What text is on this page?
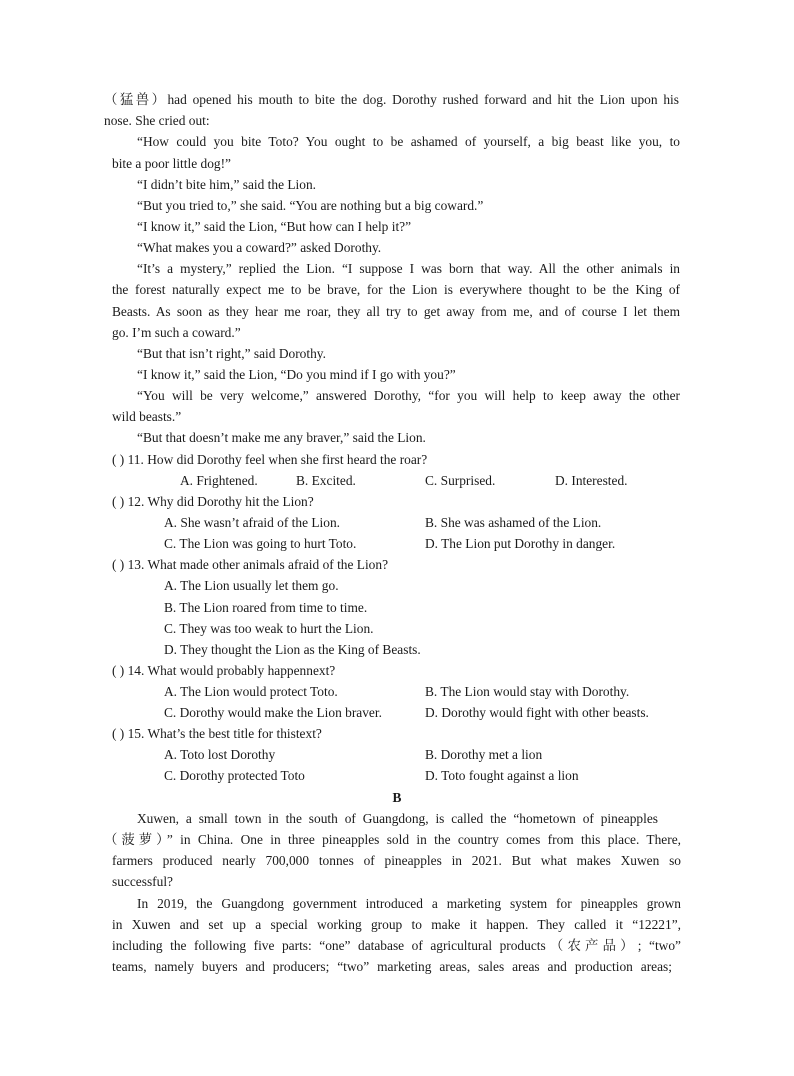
（猛兽）had opened his mouth to bite the dog. Dorothy rushed forward and hit the Lion upon his
nose. She cried out:
“How could you bite Toto? You ought to be ashamed of yourself, a big beast like you, to
bite a poor little dog!”
“I didn’t bite him,” said the Lion.
“But you tried to,” she said. “You are nothing but a big coward.”
“I know it,” said the Lion, “But how can I help it?”
“What makes you a coward?” asked Dorothy.
“It’s a mystery,” replied the Lion. “I suppose I was born that way. All the other animals in
the forest naturally expect me to be brave, for the Lion is everywhere thought to be the King of
Beasts. As soon as they hear me roar, they all try to get away from me, and of course I let them
go. I’m such a coward.”
“But that isn’t right,” said Dorothy.
“I know it,” said the Lion, “Do you mind if I go with you?”
“You will be very welcome,” answered Dorothy, “for you will help to keep away the other
wild beasts.”
“But that doesn’t make me any braver,” said the Lion.
( ) 11. How did Dorothy feel when she first heard the roar?
A. Frightened.	B. Excited.	C. Surprised.	D. Interested.
( ) 12. Why did Dorothy hit the Lion?
A. She wasn’t afraid of the Lion.	B. She was ashamed of the Lion.
C. The Lion was going to hurt Toto.	D. The Lion put Dorothy in danger.
( ) 13. What made other animals afraid of the Lion?
A. The Lion usually let them go.
B. The Lion roared from time to time.
C. They was too weak to hurt the Lion.
D. They thought the Lion as the King of Beasts.
( ) 14. What would probably happennext?
A. The Lion would protect Toto.	B. The Lion would stay with Dorothy.
C. Dorothy would make the Lion braver.	D. Dorothy would fight with other beasts.
( ) 15. What’s the best title for thistext?
A. Toto lost Dorothy	B. Dorothy met a lion
C. Dorothy protected Toto	D. Toto fought against a lion
B
Xuwen, a small town in the south of Guangdong, is called the “hometown of pineapples
（菠萝）” in China. One in three pineapples sold in the country comes from this place. There,
farmers produced nearly 700,000 tonnes of pineapples in 2021. But what makes Xuwen so
successful?
In 2019, the Guangdong government introduced a marketing system for pineapples grown
in Xuwen and set up a special working group to make it happen. They called it “12221”,
including the following five parts: “one” database of agricultural products（农产品）; “two”
teams, namely buyers and producers; “two” marketing areas, sales areas and production areas;
